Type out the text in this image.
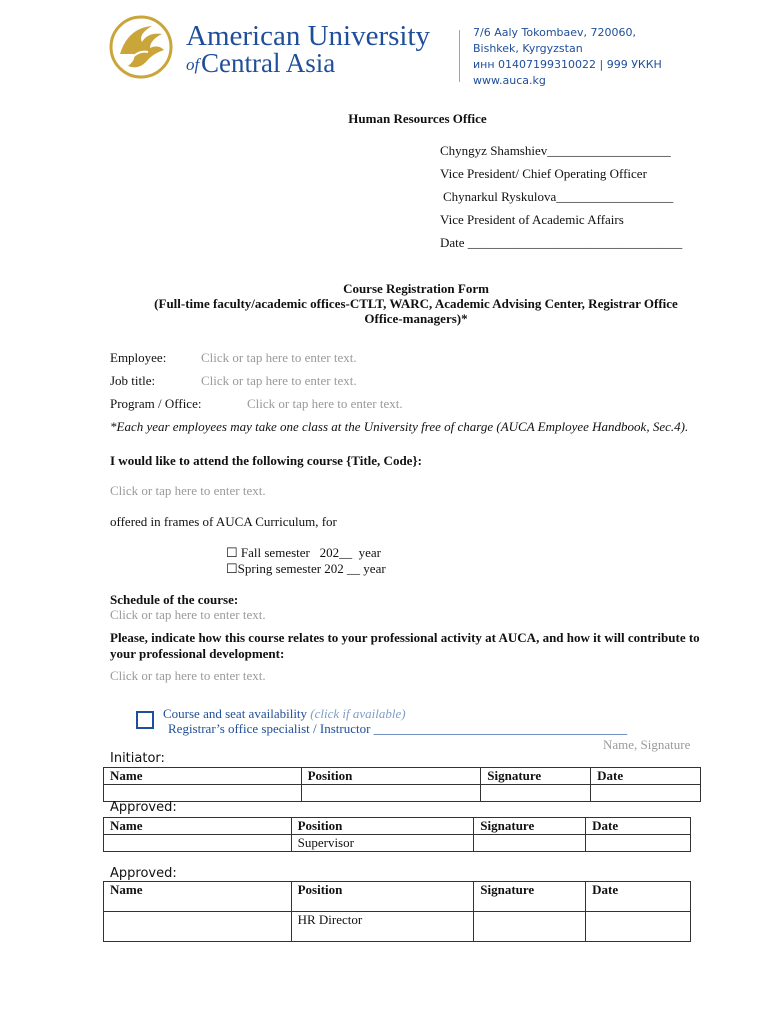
American University
of Central Asia
7/6 Aaly Tokombaev, 720060,
Bishkek, Kyrgyzstan
инн 01407199310022 | 999 УККН
www.auca.kg
Human Resources Office
Chyngyz Shamshiev___________________
Vice President/ Chief Operating Officer
Chynarkul Ryskulova__________________
Vice President of Academic Affairs
Date _________________________________
Course Registration Form
(Full-time faculty/academic offices-CTLT, WARC, Academic Advising Center, Registrar Office
Office-managers)*
Employee:	Click or tap here to enter text.
Job title:	Click or tap here to enter text.
Program / Office:	Click or tap here to enter text.
*Each year employees may take one class at the University free of charge (AUCA Employee Handbook, Sec.4).
I would like to attend the following course {Title, Code}:
Click or tap here to enter text.
offered in frames of AUCA Curriculum, for
☐ Fall semester   202__  year
☐Spring semester 202 __ year
Schedule of the course:
Click or tap here to enter text.
Please, indicate how this course relates to your professional activity at AUCA, and how it will contribute to your professional development:
Click or tap here to enter text.
Course and seat availability (click if available)
Registrar’s office specialist / Instructor _______________________________________
Name, Signature
Initiator:
Name	Position	Signature	Date

Approved:
Name	Position	Signature	Date
	Supervisor		
Approved:
Name	Position	Signature	Date
	HR Director		
